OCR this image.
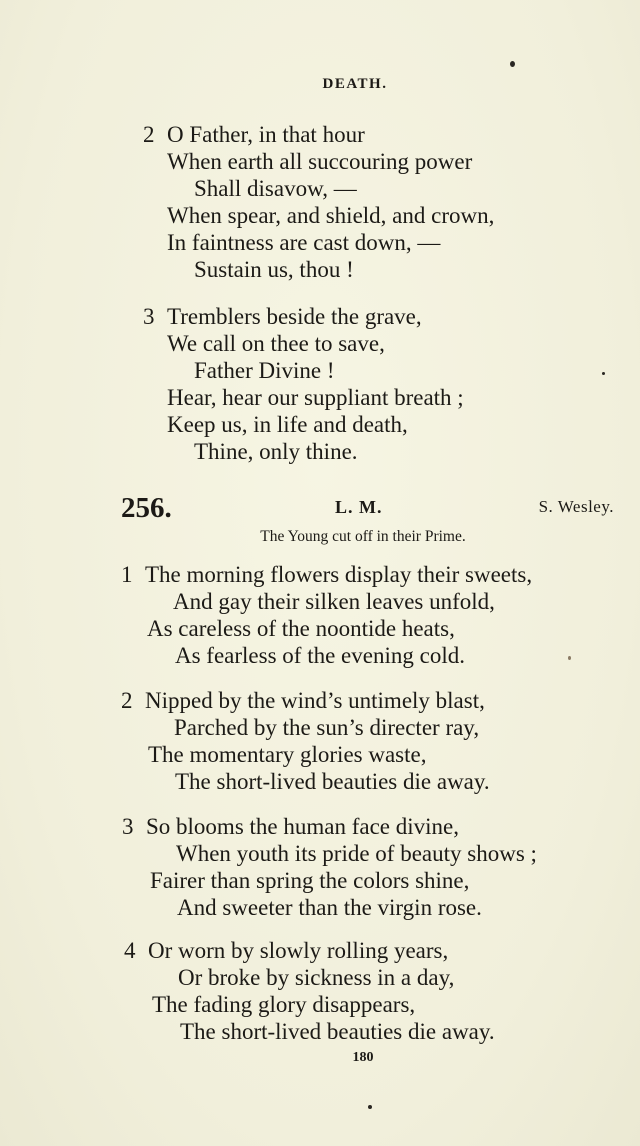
DEATH.
2 O Father, in that hour
When earth all succouring power
Shall disavow, —
When spear, and shield, and crown,
In faintness are cast down, —
Sustain us, thou !
3 Tremblers beside the grave,
We call on thee to save,
Father Divine !
Hear, hear our suppliant breath ;
Keep us, in life and death,
Thine, only thine.
256.	L. M.	S. Wesley.
The Young cut off in their Prime.
1 The morning flowers display their sweets,
And gay their silken leaves unfold,
As careless of the noontide heats,
As fearless of the evening cold.
2 Nipped by the wind’s untimely blast,
Parched by the sun’s directer ray,
The momentary glories waste,
The short-lived beauties die away.
3 So blooms the human face divine,
When youth its pride of beauty shows ;
Fairer than spring the colors shine,
And sweeter than the virgin rose.
4 Or worn by slowly rolling years,
Or broke by sickness in a day,
The fading glory disappears,
The short-lived beauties die away.
180
